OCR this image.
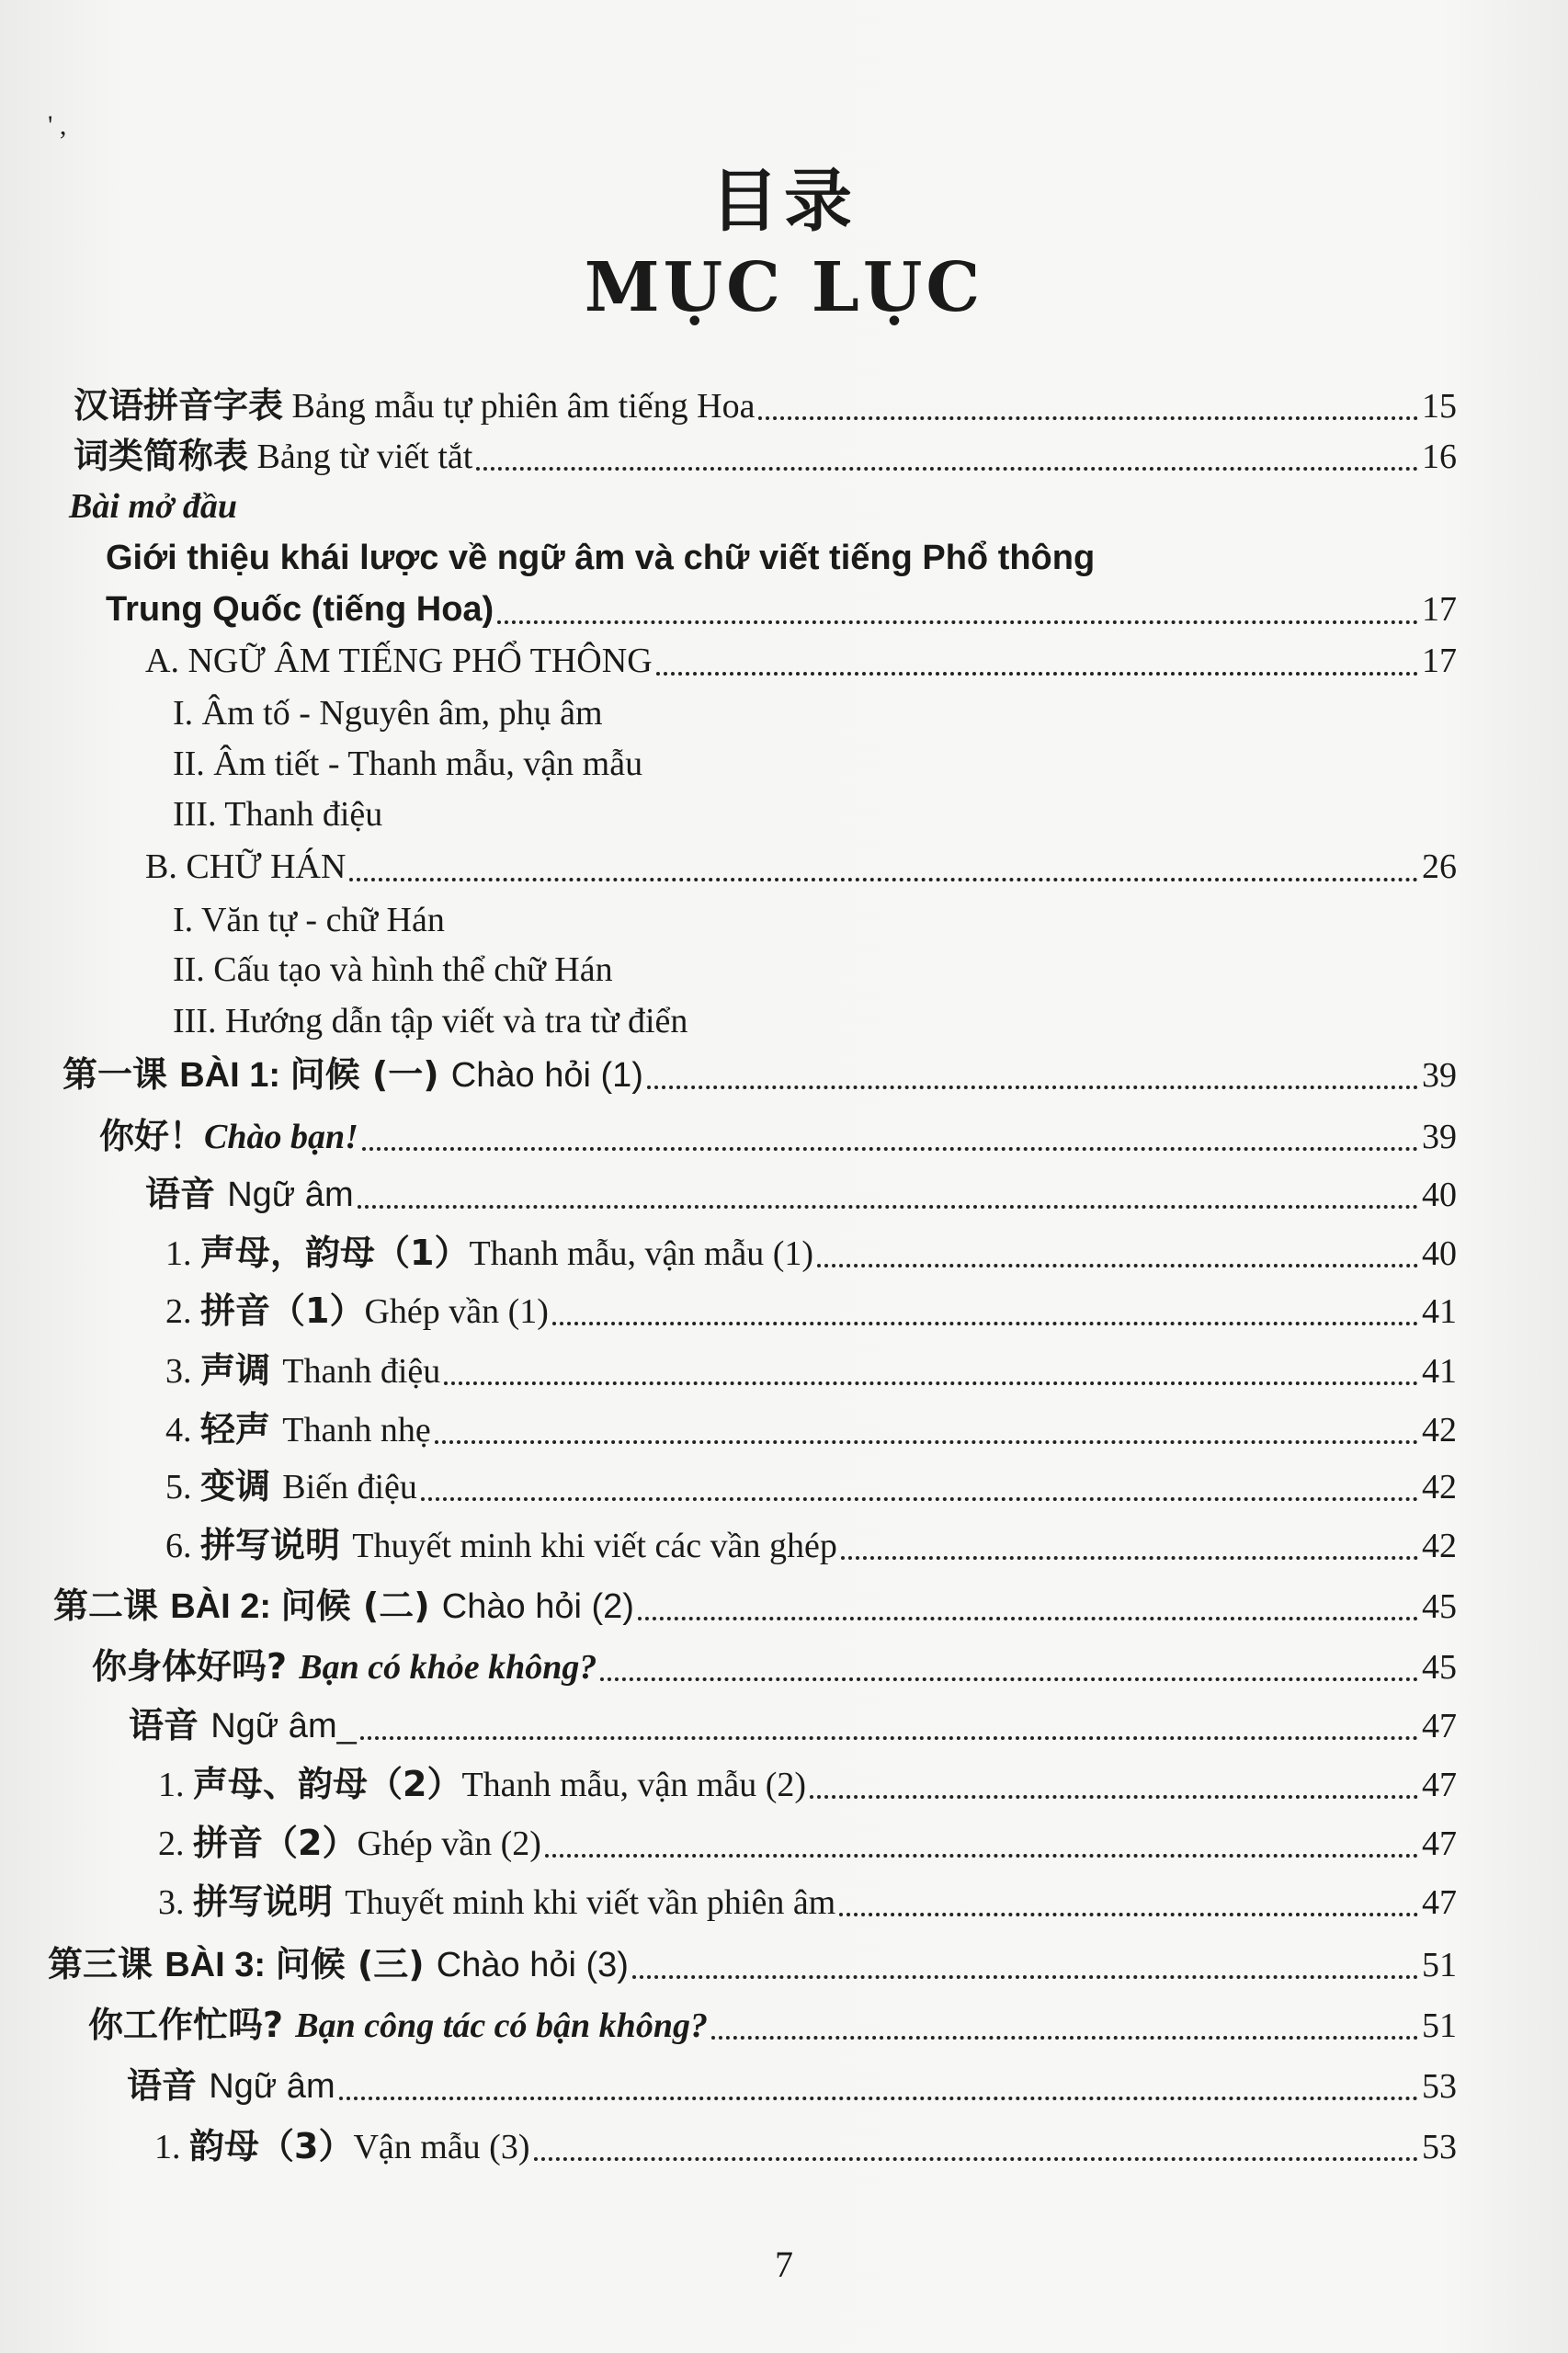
' ,
目录
MỤC LỤC
汉语拼音字表 Bảng mẫu tự phiên âm tiếng Hoa	15
词类简称表 Bảng từ viết tắt	16
Bài mở đầu
Giới thiệu khái lược về ngữ âm và chữ viết tiếng Phổ thông
Trung Quốc (tiếng Hoa)	17
A. NGỮ ÂM TIẾNG PHỔ THÔNG	17
I. Âm tố - Nguyên âm, phụ âm
II. Âm tiết - Thanh mẫu, vận mẫu
III. Thanh điệu
B. CHỮ HÁN	26
I. Văn tự - chữ Hán
II. Cấu tạo và hình thể chữ Hán
III. Hướng dẫn tập viết và tra từ điển
第一课 BÀI 1: 问候 (一) Chào hỏi (1)	39
你好！Chào bạn!	39
语音 Ngữ âm	40
1. 声母，韵母（1）Thanh mẫu, vận mẫu (1)	40
2. 拼音（1）Ghép vần (1)	41
3. 声调 Thanh điệu	41
4. 轻声 Thanh nhẹ	42
5. 变调 Biến điệu	42
6. 拼写说明 Thuyết minh khi viết các vần ghép	42
第二课 BÀI 2: 问候 (二) Chào hỏi (2)	45
你身体好吗? Bạn có khỏe không?	45
语音 Ngữ âm_	47
1. 声母、韵母（2）Thanh mẫu, vận mẫu (2)	47
2. 拼音（2）Ghép vần (2)	47
3. 拼写说明 Thuyết minh khi viết vần phiên âm	47
第三课 BÀI 3: 问候 (三) Chào hỏi (3)	51
你工作忙吗? Bạn công tác có bận không?	51
语音 Ngữ âm	53
1. 韵母（3）Vận mẫu (3)	53
7
